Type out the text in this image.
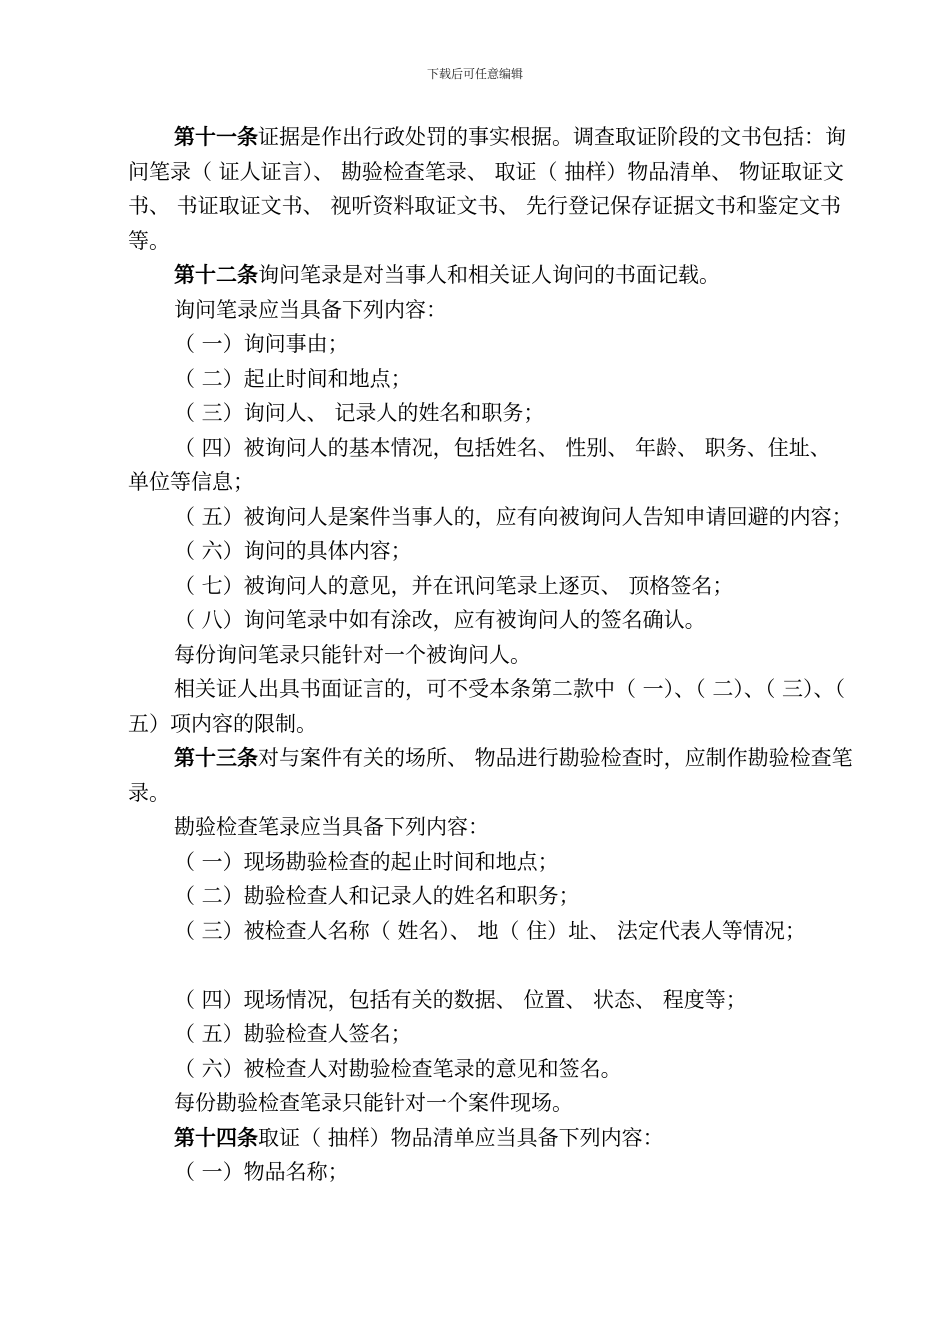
下载后可任意编辑

第十一条证据是作出行政处罚的事实根据。调查取证阶段的文书包括：询问笔录（ 证人证言）、 勘验检查笔录、 取证（ 抽样）物品清单、 物证取证文书、 书证取证文书、 视听资料取证文书、 先行登记保存证据文书和鉴定文书等。

第十二条询问笔录是对当事人和相关证人询问的书面记载。

询问笔录应当具备下列内容：

（ 一）询问事由；

（ 二）起止时间和地点；

（ 三）询问人、 记录人的姓名和职务；

（ 四）被询问人的基本情况，包括姓名、 性别、 年龄、 职务、住址、 单位等信息；

（ 五）被询问人是案件当事人的，应有向被询问人告知申请回避的内容；

（ 六）询问的具体内容；

（ 七）被询问人的意见，并在讯问笔录上逐页、 顶格签名；

（ 八）询问笔录中如有涂改，应有被询问人的签名确认。

每份询问笔录只能针对一个被询问人。

相关证人出具书面证言的，可不受本条第二款中（ 一）、（ 二）、（ 三）、（ 五）项内容的限制。

第十三条对与案件有关的场所、 物品进行勘验检查时，应制作勘验检查笔录。

勘验检查笔录应当具备下列内容：

（ 一）现场勘验检查的起止时间和地点；

（ 二）勘验检查人和记录人的姓名和职务；

（ 三）被检查人名称（ 姓名）、 地（ 住）址、 法定代表人等情况；

（ 四）现场情况，包括有关的数据、 位置、 状态、 程度等；

（ 五）勘验检查人签名；

（ 六）被检查人对勘验检查笔录的意见和签名。

每份勘验检查笔录只能针对一个案件现场。

第十四条取证（ 抽样）物品清单应当具备下列内容：

（ 一）物品名称；
